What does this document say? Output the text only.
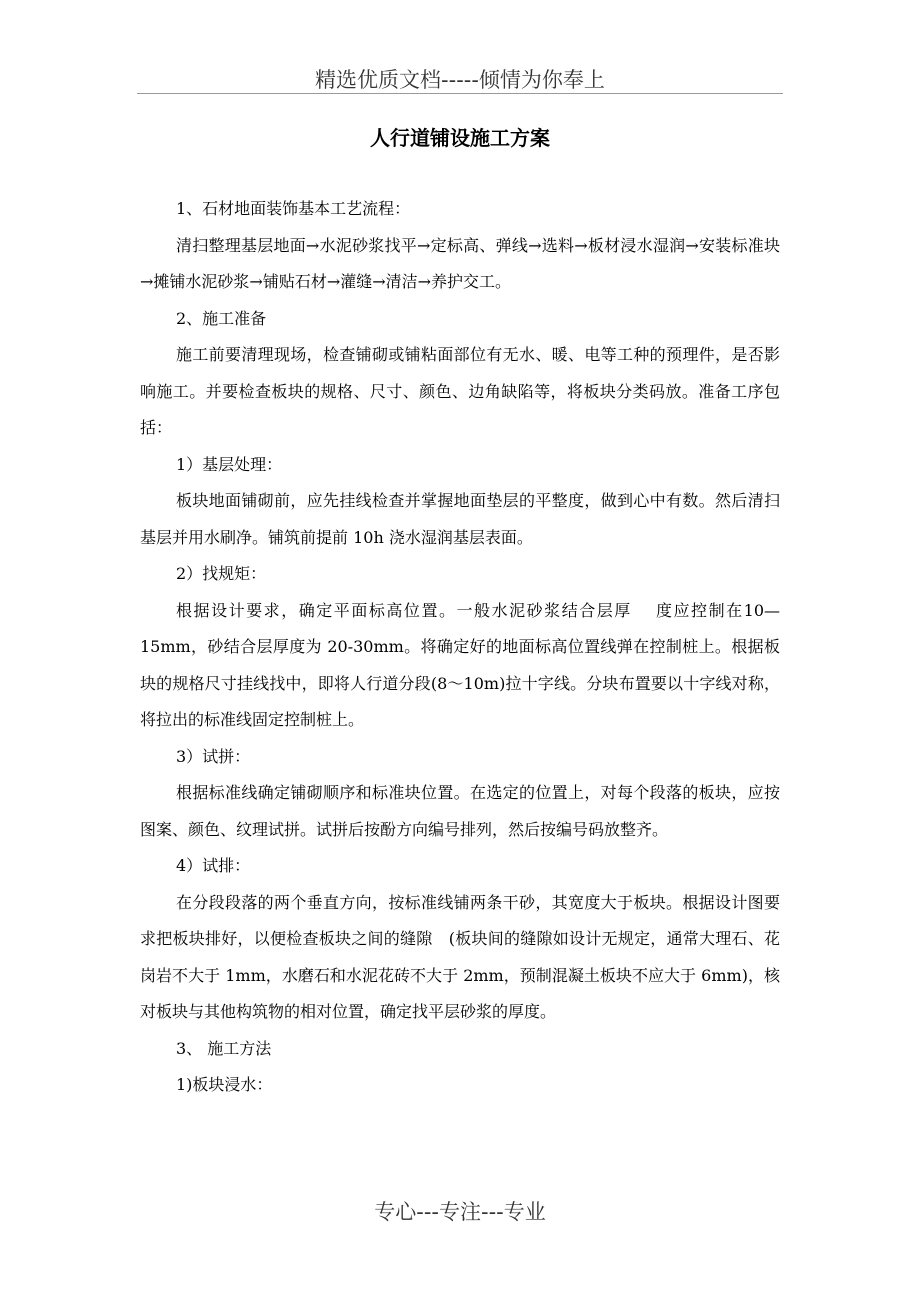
精选优质文档-----倾情为你奉上
人行道铺设施工方案

1、石材地面装饰基本工艺流程：

清扫整理基层地面→水泥砂浆找平→定标高、弹线→选料→板材浸水湿润→安装标准块→摊铺水泥砂浆→铺贴石材→灌缝→清洁→养护交工。

2、施工准备

施工前要清理现场，检查铺砌或铺粘面部位有无水、暖、电等工种的预理件，是否影响施工。并要检查板块的规格、尺寸、颜色、边角缺陷等，将板块分类码放。准备工序包括：

1）基层处理：

板块地面铺砌前，应先挂线检查并掌握地面垫层的平整度，做到心中有数。然后清扫基层并用水刷净。铺筑前提前 10h 浇水湿润基层表面。

2）找规矩：

根据设计要求，确定平面标高位置。一般水泥砂浆结合层厚　 度应控制在10—15mm，砂结合层厚度为 20-30mm。将确定好的地面标高位置线弹在控制桩上。根据板块的规格尺寸挂线找中，即将人行道分段(8～10m)拉十字线。分块布置要以十字线对称，将拉出的标准线固定控制桩上。

3）试拼：

根据标准线确定铺砌顺序和标准块位置。在选定的位置上，对每个段落的板块，应按图案、颜色、纹理试拼。试拼后按酚方向编号排列，然后按编号码放整齐。

4）试排：

在分段段落的两个垂直方向，按标准线铺两条干砂，其宽度大于板块。根据设计图要求把板块排好，以便检查板块之间的缝隙　(板块间的缝隙如设计无规定，通常大理石、花岗岩不大于 1mm，水磨石和水泥花砖不大于 2mm，预制混凝土板块不应大于 6mm)，核对板块与其他构筑物的相对位置，确定找平层砂浆的厚度。

3、 施工方法

1)板块浸水：

专心---专注---专业
